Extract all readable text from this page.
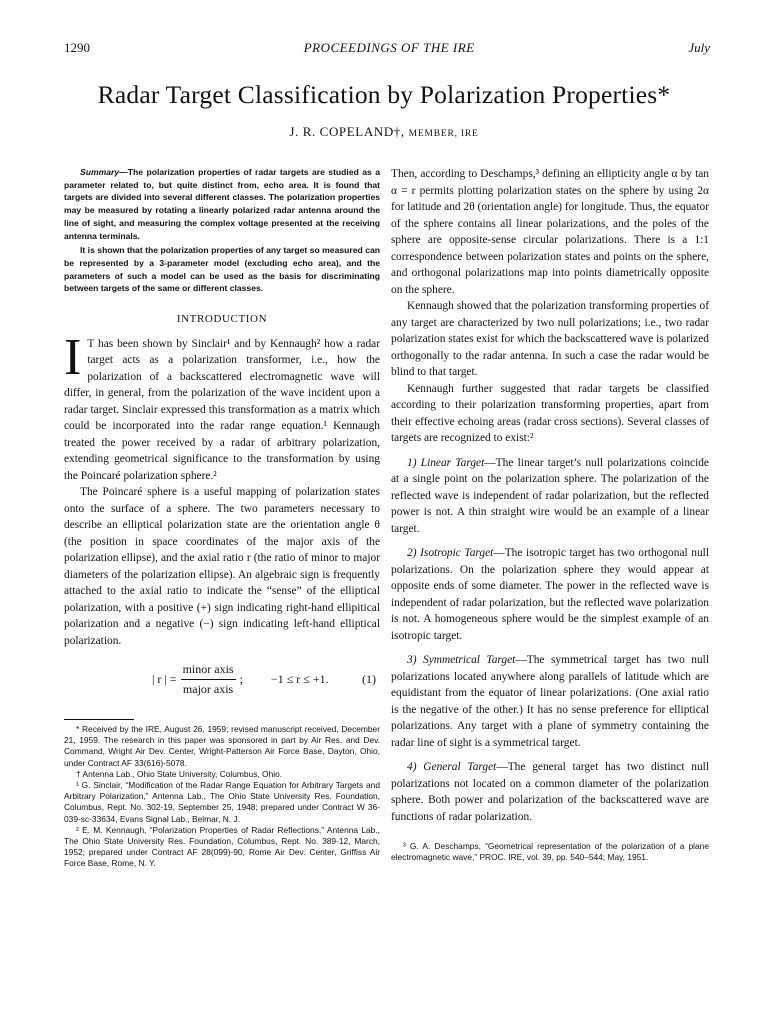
1290	PROCEEDINGS OF THE IRE	July
Radar Target Classification by Polarization Properties*
J. R. COPELAND†, MEMBER, IRE

Summary—The polarization properties of radar targets are studied as a parameter related to, but quite distinct from, echo area. It is found that targets are divided into several different classes. The polarization properties may be measured by rotating a linearly polarized radar antenna around the line of sight, and measuring the complex voltage presented at the receiving antenna terminals.

It is shown that the polarization properties of any target so measured can be represented by a 3-parameter model (excluding echo area), and the parameters of such a model can be used as the basis for discriminating between targets of the same or different classes.

INTRODUCTION

I T has been shown by Sinclair¹ and by Kennaugh² how a radar target acts as a polarization transformer, i.e., how the polarization of a backscattered electromagnetic wave will differ, in general, from the polarization of the wave incident upon a radar target. Sinclair expressed this transformation as a matrix which could be incorporated into the radar range equation.¹ Kennaugh treated the power received by a radar of arbitrary polarization, extending geometrical significance to the transformation by using the Poincaré polarization sphere.²

The Poincaré sphere is a useful mapping of polarization states onto the surface of a sphere. The two parameters necessary to describe an elliptical polarization state are the orientation angle θ (the position in space coordinates of the major axis of the polarization ellipse), and the axial ratio r (the ratio of minor to major diameters of the polarization ellipse). An algebraic sign is frequently attached to the axial ratio to indicate the “sense” of the elliptical polarization, with a positive (+) sign indicating right-hand ellipitical polarization and a negative (−) sign indicating left-hand elliptical polarization.

| r | = $\frac{\text{minor axis}}{\text{major axis}}$ ; −1 ≤ r ≤ +1.	(1)

* Received by the IRE, August 26, 1959; revised manuscript received, December 21, 1959. The research in this paper was sponsored in part by Air Res. and Dev. Command, Wright Air Dev. Center, Wright-Patterson Air Force Base, Dayton, Ohio, under Contract AF 33(616)-5078.

† Antenna Lab., Ohio State University, Columbus, Ohio.

¹ G. Sinclair, “Modification of the Radar Range Equation for Arbitrary Targets and Arbitrary Polarization,” Antenna Lab., The Ohio State University Res. Foundation, Columbus, Rept. No. 302-19, September 25, 1948; prepared under Contract W 36-039-sc-33634, Evans Signal Lab., Belmar, N. J.

² E. M. Kennaugh, “Polarization Properties of Radar Reflections,” Antenna Lab., The Ohio State University Res. Foundation, Columbus, Rept. No. 389-12, March, 1952; prepared under Contract AF 28(099)-90, Rome Air Dev. Center, Griffiss Air Force Base, Rome, N. Y.

Then, according to Deschamps,³ defining an ellipticity angle α by tan α = r permits plotting polarization states on the sphere by using 2α for latitude and 2θ (orientation angle) for longitude. Thus, the equator of the sphere contains all linear polarizations, and the poles of the sphere are opposite-sense circular polarizations. There is a 1:1 correspondence between polarization states and points on the sphere, and orthogonal polarizations map into points diametrically opposite on the sphere.

Kennaugh showed that the polarization transforming properties of any target are characterized by two null polarizations; i.e., two radar polarization states exist for which the backscattered wave is polarized orthogonally to the radar antenna. In such a case the radar would be blind to that target.

Kennaugh further suggested that radar targets be classified according to their polarization transforming properties, apart from their effective echoing areas (radar cross sections). Several classes of targets are recognized to exist:²

1) Linear Target—The linear target’s null polarizations coincide at a single point on the polarization sphere. The polarization of the reflected wave is independent of radar polarization, but the reflected power is not. A thin straight wire would be an example of a linear target.

2) Isotropic Target—The isotropic target has two orthogonal null polarizations. On the polarization sphere they would appear at opposite ends of some diameter. The power in the reflected wave is independent of radar polarization, but the reflected wave polarization is not. A homogeneous sphere would be the simplest example of an isotropic target.

3) Symmetrical Target—The symmetrical target has two null polarizations located anywhere along parallels of latitude which are equidistant from the equator of linear polarizations. (One axial ratio is the negative of the other.) It has no sense preference for elliptical polarizations. Any target with a plane of symmetry containing the radar line of sight is a symmetrical target.

4) General Target—The general target has two distinct null polarizations not located on a common diameter of the polarization sphere. Both power and polarization of the backscattered wave are functions of radar polarization.

³ G. A. Deschamps, “Geometrical representation of the polarization of a plane electromagnetic wave,” PROC. IRE, vol. 39, pp. 540–544; May, 1951.
